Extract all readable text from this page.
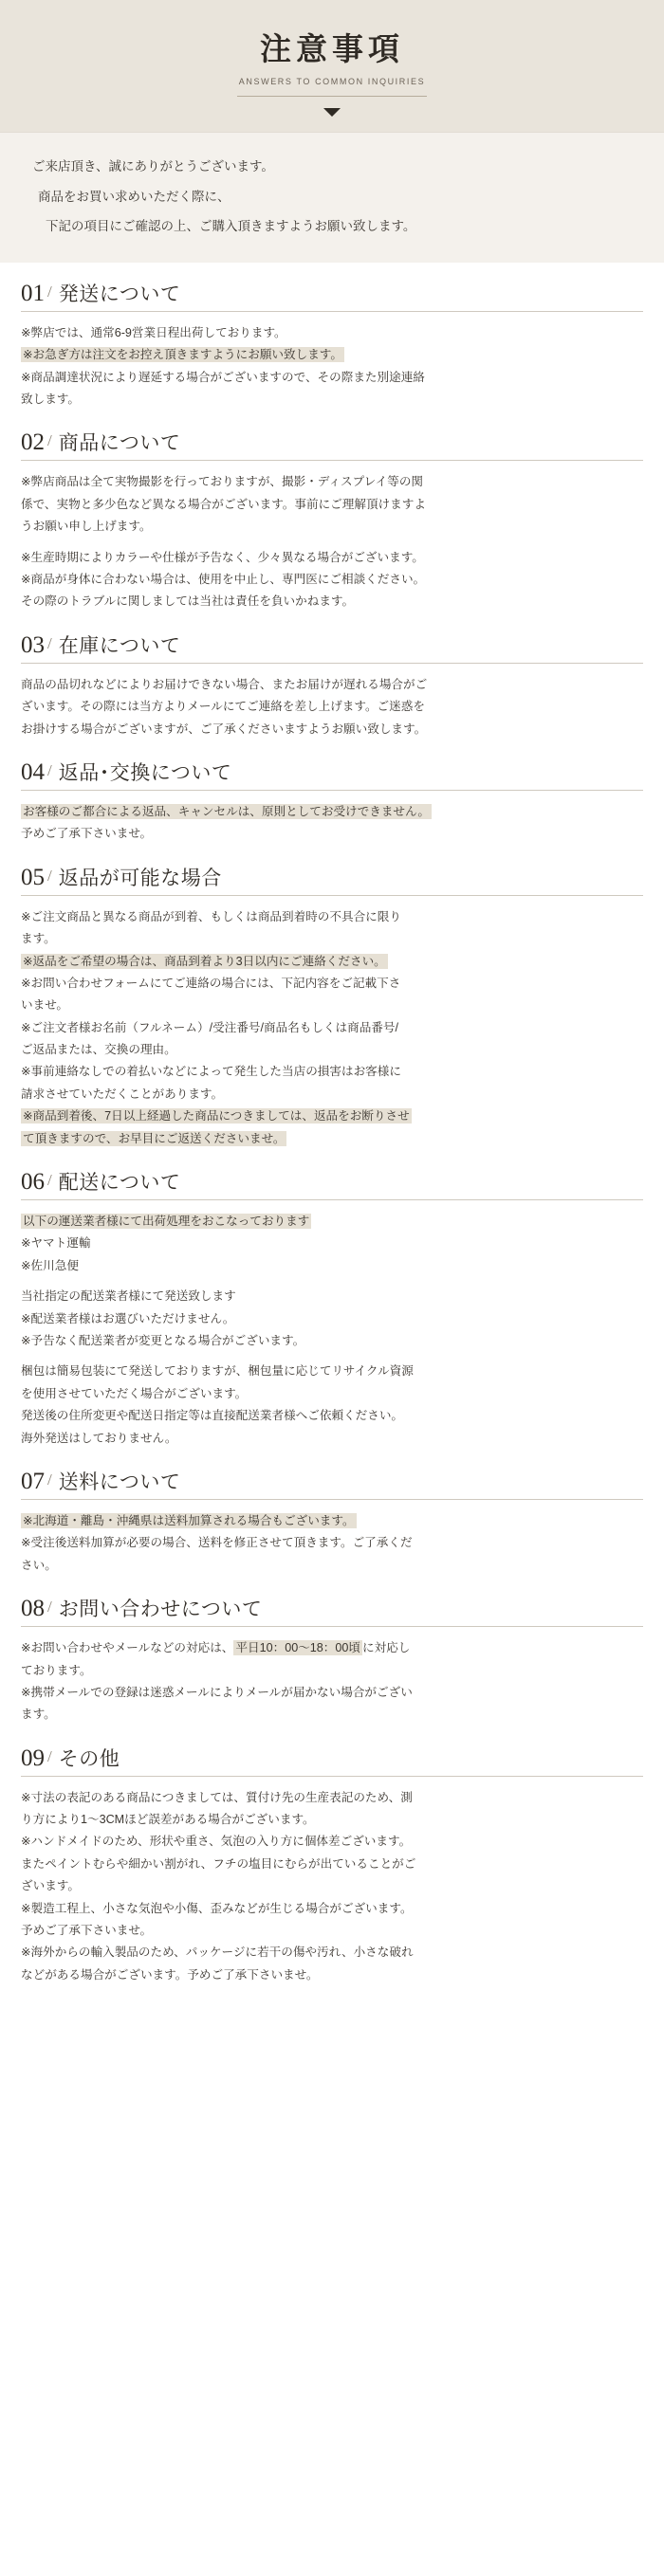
注意事項
ANSWERS TO COMMON INQUIRIES

ご来店頂き、誠にありがとうございます。

商品をお買い求めいただく際に、

下記の項目にご確認の上、ご購入頂きますようお願い致します。

01 / 発送について

※弊店では、通常6-9営業日程出荷しております。

※お急ぎ方は注文をお控え頂きますようにお願い致します。

※商品調達状況により遅延する場合がございますので、その際また別途連絡

致します。

02 / 商品について

※弊店商品は全て実物撮影を行っておりますが、撮影・ディスプレイ等の関

係で、実物と多少色など異なる場合がございます。事前にご理解頂けますよ

うお願い申し上げます。

※生産時期によりカラーや仕様が予告なく、少々異なる場合がございます。

※商品が身体に合わない場合は、使用を中止し、専門医にご相談ください。

その際のトラブルに関しましては当社は責任を負いかねます。

03 / 在庫について

商品の品切れなどによりお届けできない場合、またお届けが遅れる場合がご

ざいます。その際には当方よりメールにてご連絡を差し上げます。ご迷惑を

お掛けする場合がございますが、ご了承くださいますようお願い致します。

04 / 返品･交換について

お客様のご都合による返品、キャンセルは、原則としてお受けできません。

予めご了承下さいませ。

05 / 返品が可能な場合

※ご注文商品と異なる商品が到着、もしくは商品到着時の不具合に限り

ます。

※返品をご希望の場合は、商品到着より3日以内にご連絡ください。

※お問い合わせフォームにてご連絡の場合には、下記内容をご記載下さ

いませ。

※ご注文者様お名前（フルネーム）/受注番号/商品名もしくは商品番号/

ご返品または、交換の理由。

※事前連絡なしでの着払いなどによって発生した当店の損害はお客様に

請求させていただくことがあります。

※商品到着後、7日以上経過した商品につきましては、返品をお断りさせ

て頂きますので、お早目にご返送くださいませ。

06 / 配送について

以下の運送業者様にて出荷処理をおこなっております

※ヤマト運輸

※佐川急便

当社指定の配送業者様にて発送致します

※配送業者様はお選びいただけません。

※予告なく配送業者が変更となる場合がございます。

梱包は簡易包装にて発送しておりますが、梱包量に応じてリサイクル資源

を使用させていただく場合がございます。

発送後の住所変更や配送日指定等は直接配送業者様へご依頼ください。

海外発送はしておりません。

07 / 送料について

※北海道・離島・沖縄県は送料加算される場合もございます。

※受注後送料加算が必要の場合、送料を修正させて頂きます。ご了承くだ

さい。

08 / お問い合わせについて

※お問い合わせやメールなどの対応は、 平日10：00～18：00頃 に対応し

ております。

※携帯メールでの登録は迷惑メールによりメールが届かない場合がござい

ます。

09 / その他

※寸法の表記のある商品につきましては、質付け先の生産表記のため、測

り方により1～3CMほど誤差がある場合がございます。

※ハンドメイドのため、形状や重さ、気泡の入り方に個体差ございます。

またペイントむらや細かい割がれ、フチの塩目にむらが出ていることがご

ざいます。

※製造工程上、小さな気泡や小傷、歪みなどが生じる場合がございます。

予めご了承下さいませ。

※海外からの輸入製品のため、パッケージに若干の傷や汚れ、小さな破れ

などがある場合がございます。予めご了承下さいませ。
